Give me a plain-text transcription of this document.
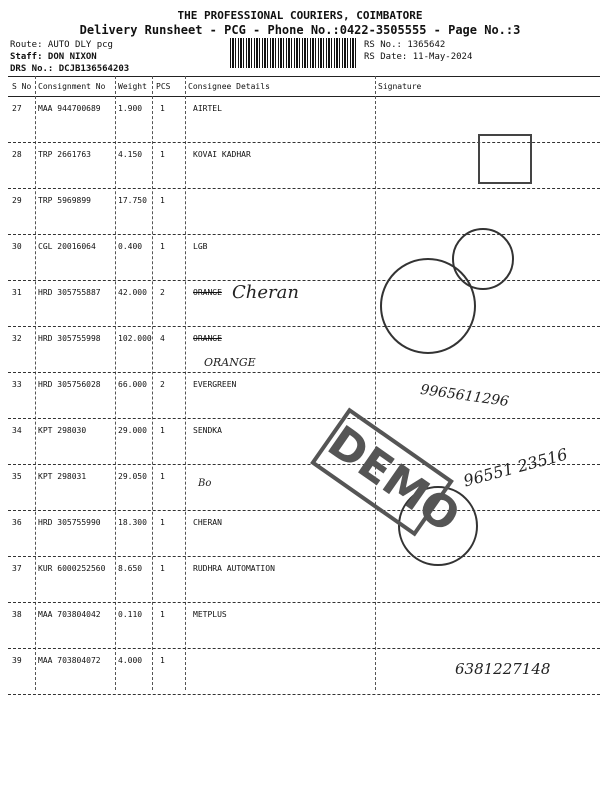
THE PROFESSIONAL COURIERS, COIMBATORE
Delivery Runsheet - PCG - Phone No.:0422-3505555 - Page No.:3
Route: AUTO DLY pcg
Staff: DON NIXON
DRS No.: DCJB136564203
RS No.: 1365642
RS Date: 11-May-2024
S No Consignment No Weight PCS Consignee Details	Signature
27 MAA 944700689 1.900 1	AIRTEL
28 TRP 2661763	4.150 1	KOVAI KADHAR
29 TRP 5969899	17.750 1
30 CGL 20016064	0.400 1	LGB
31 HRD 305755887 42.000 2	ORANGE
32 HRD 305755998 102.000 4	ORANGE
33 HRD 305756028 66.000 2	EVERGREEN
34 KPT 298030	29.000 1	SENDKA
35 KPT 298031	29.050 1
36 HRD 305755990 18.300 1	CHERAN
37 KUR 6000252560 8.650 1	RUDHRA AUTOMATION
38 MAA 703804042 0.110 1	METPLUS
39 MAA 703804072 4.000 1
Cheran
ORANGE
9965611296
96551 23516
6381227148
Bo DEMO
